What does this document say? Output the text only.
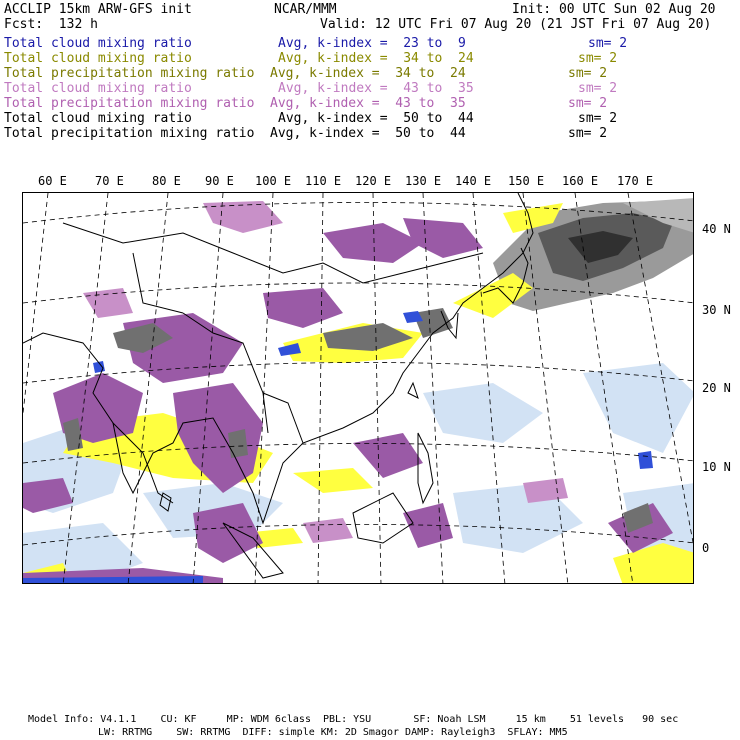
ACCLIP 15km ARW-GFS init	NCAR/MMM	Init: 00 UTC Sun 02 Aug 20
Fcst:  132 h	Valid: 12 UTC Fri 07 Aug 20 (21 JST Fri 07 Aug 20)
Total cloud mixing ratio	Avg, k-index =  23 to  9	sm= 2
Total cloud mixing ratio	Avg, k-index =  34 to  24	sm= 2
Total precipitation mixing ratio Avg, k-index =  34 to  24	sm= 2
Total cloud mixing ratio	Avg, k-index =  43 to  35	sm= 2
Total precipitation mixing ratio Avg, k-index =  43 to  35	sm= 2
Total cloud mixing ratio	Avg, k-index =  50 to  44	sm= 2
Total precipitation mixing ratio Avg, k-index =  50 to  44	sm= 2
60 E 70 E 80 E 90 E 100 E 110 E 120 E 130 E 140 E 150 E 160 E 170 E
40 N
30 N
20 N
10 N
0
Model Info: V4.1.1    CU: KF     MP: WDM 6class  PBL: YSU       SF: Noah LSM     15 km    51 levels   90 sec
LW: RRTMG    SW: RRTMG  DIFF: simple KM: 2D Smagor DAMP: Rayleigh3  SFLAY: MM5
